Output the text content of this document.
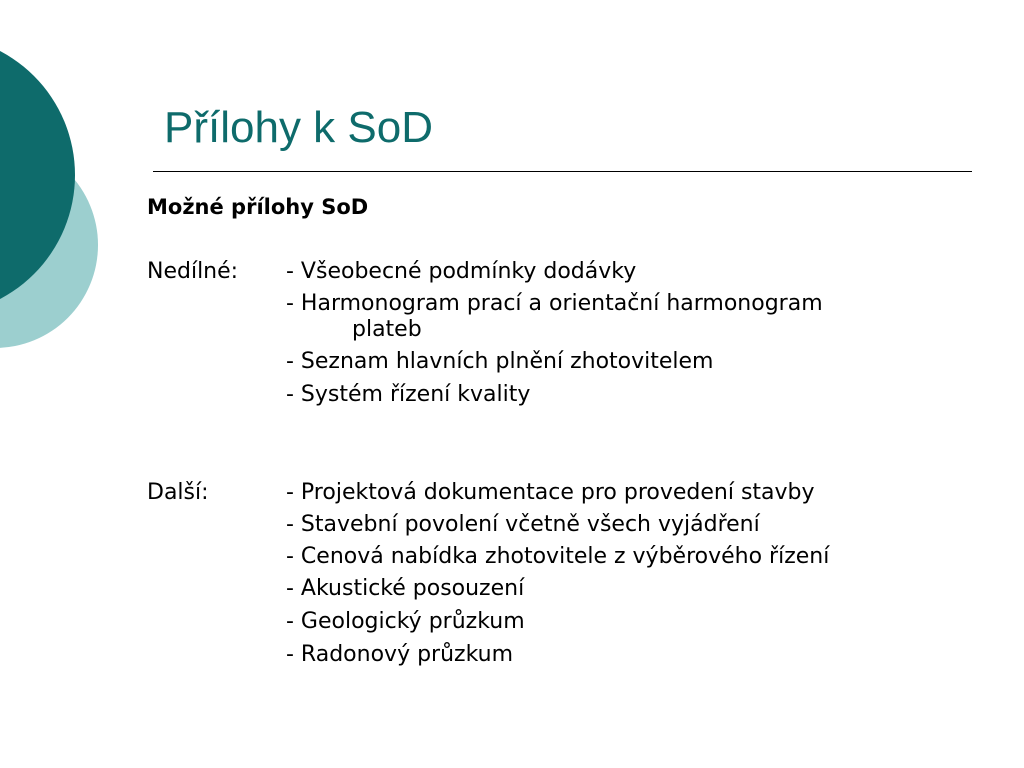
Přílohy k SoD
Možné přílohy SoD
Nedílné: - Všeobecné podmínky dodávky
- Harmonogram prací a orientační harmonogram
plateb
- Seznam hlavních plnění zhotovitelem
- Systém řízení kvality
Další:	- Projektová dokumentace pro provedení stavby
- Stavební povolení včetně všech vyjádření
- Cenová nabídka zhotovitele z výběrového řízení
- Akustické posouzení
- Geologický průzkum
- Radonový průzkum
